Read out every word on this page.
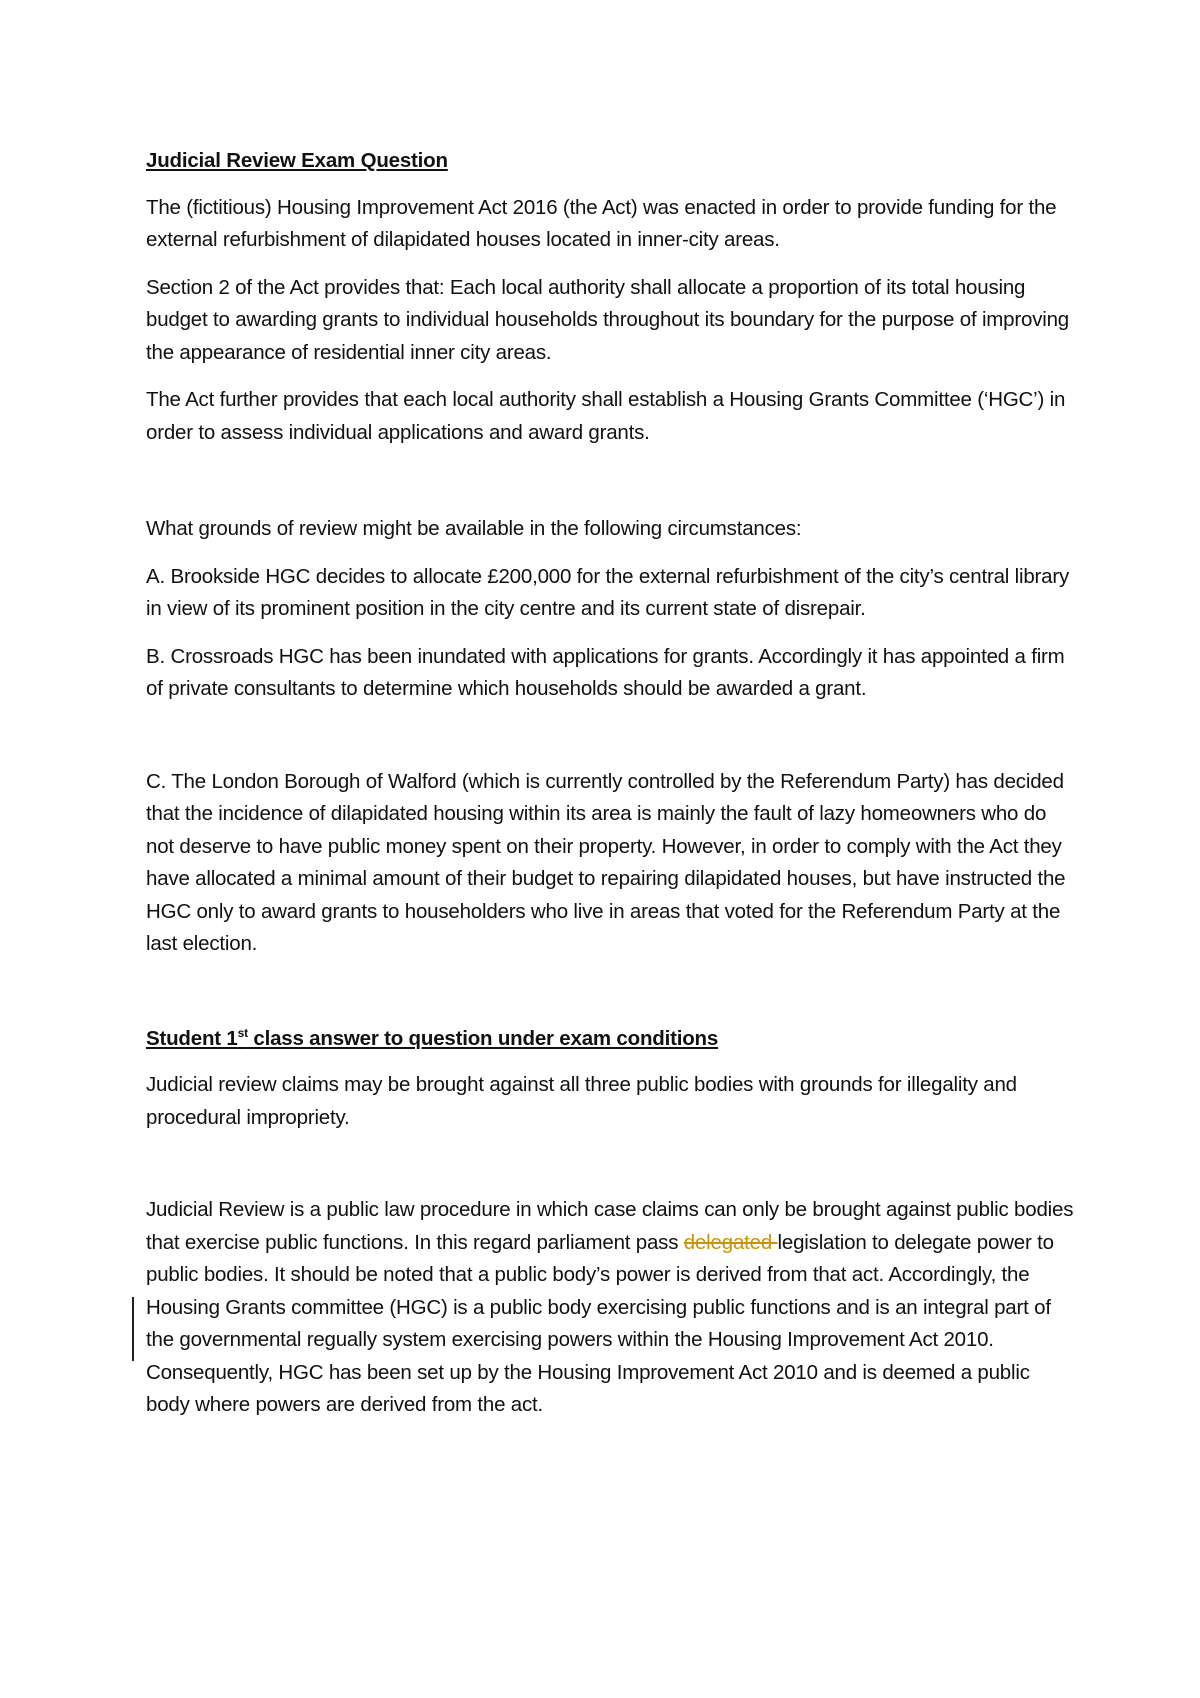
Judicial Review Exam Question

The (fictitious) Housing Improvement Act 2016 (the Act) was enacted in order to provide funding for the external refurbishment of dilapidated houses located in inner-city areas.

Section 2 of the Act provides that: Each local authority shall allocate a proportion of its total housing budget to awarding grants to individual households throughout its boundary for the purpose of improving the appearance of residential inner city areas.

The Act further provides that each local authority shall establish a Housing Grants Committee (‘HGC’) in order to assess individual applications and award grants.

What grounds of review might be available in the following circumstances:

A. Brookside HGC decides to allocate £200,000 for the external refurbishment of the city’s central library in view of its prominent position in the city centre and its current state of disrepair.

B. Crossroads HGC has been inundated with applications for grants. Accordingly it has appointed a firm of private consultants to determine which households should be awarded a grant.

C. The London Borough of Walford (which is currently controlled by the Referendum Party) has decided that the incidence of dilapidated housing within its area is mainly the fault of lazy homeowners who do not deserve to have public money spent on their property. However, in order to comply with the Act they have allocated a minimal amount of their budget to repairing dilapidated houses, but have instructed the HGC only to award grants to householders who live in areas that voted for the Referendum Party at the last election.

Student 1st class answer to question under exam conditions

Judicial review claims may be brought against all three public bodies with grounds for illegality and procedural impropriety.

Judicial Review is a public law procedure in which case claims can only be brought against public bodies that exercise public functions. In this regard parliament pass delegated legislation to delegate power to public bodies. It should be noted that a public body’s power is derived from that act. Accordingly, the Housing Grants committee (HGC) is a public body exercising public functions and is an integral part of the governmental regually system exercising powers within the Housing Improvement Act 2010. Consequently, HGC has been set up by the Housing Improvement Act 2010 and is deemed a public body where powers are derived from the act.
